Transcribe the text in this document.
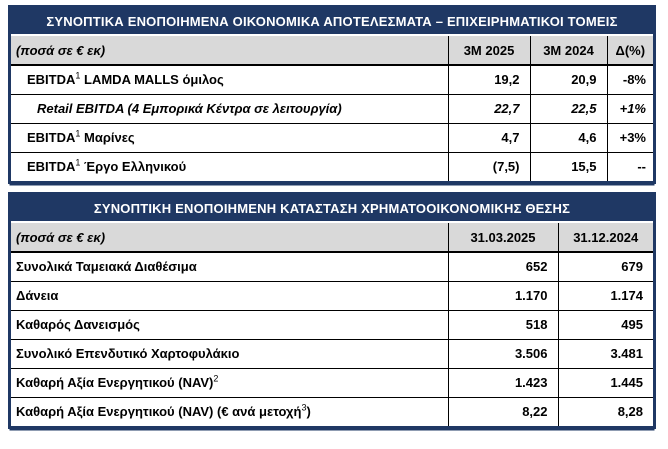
ΣΥΝΟΠΤΙΚΑ ΕΝΟΠΟΙΗΜΕΝΑ ΟΙΚΟΝΟΜΙΚΑ ΑΠΟΤΕΛΕΣΜΑΤΑ – ΕΠΙΧΕΙΡΗΜΑΤΙΚΟΙ ΤΟΜΕΙΣ
(ποσά σε € εκ)	3M 2025	3M 2024	Δ(%)
EBITDA$^1$ LAMDA MALLS όμιλος	19,2	20,9	-8%
Retail EBITDA (4 Εμπορικά Κέντρα σε λειτουργία)	22,7	22,5	+1%
EBITDA$^1$ Μαρίνες	4,7	4,6	+3%
EBITDA$^1$ Έργο Ελληνικού	(7,5)	15,5	--
ΣΥΝΟΠΤΙΚΗ ΕΝΟΠΟΙΗΜΕΝΗ ΚΑΤΑΣΤΑΣΗ ΧΡΗΜΑΤΟΟΙΚΟΝΟΜΙΚΗΣ ΘΕΣΗΣ
(ποσά σε € εκ)	31.03.2025	31.12.2024
Συνολικά Ταμειακά Διαθέσιμα	652	679
Δάνεια	1.170	1.174
Καθαρός Δανεισμός	518	495
Συνολικό Επενδυτικό Χαρτοφυλάκιο	3.506	3.481
Καθαρή Αξία Ενεργητικού (NAV)$^2$	1.423	1.445
Καθαρή Αξία Ενεργητικού (NAV) (€ ανά μετοχή$^3$)	8,22	8,28
